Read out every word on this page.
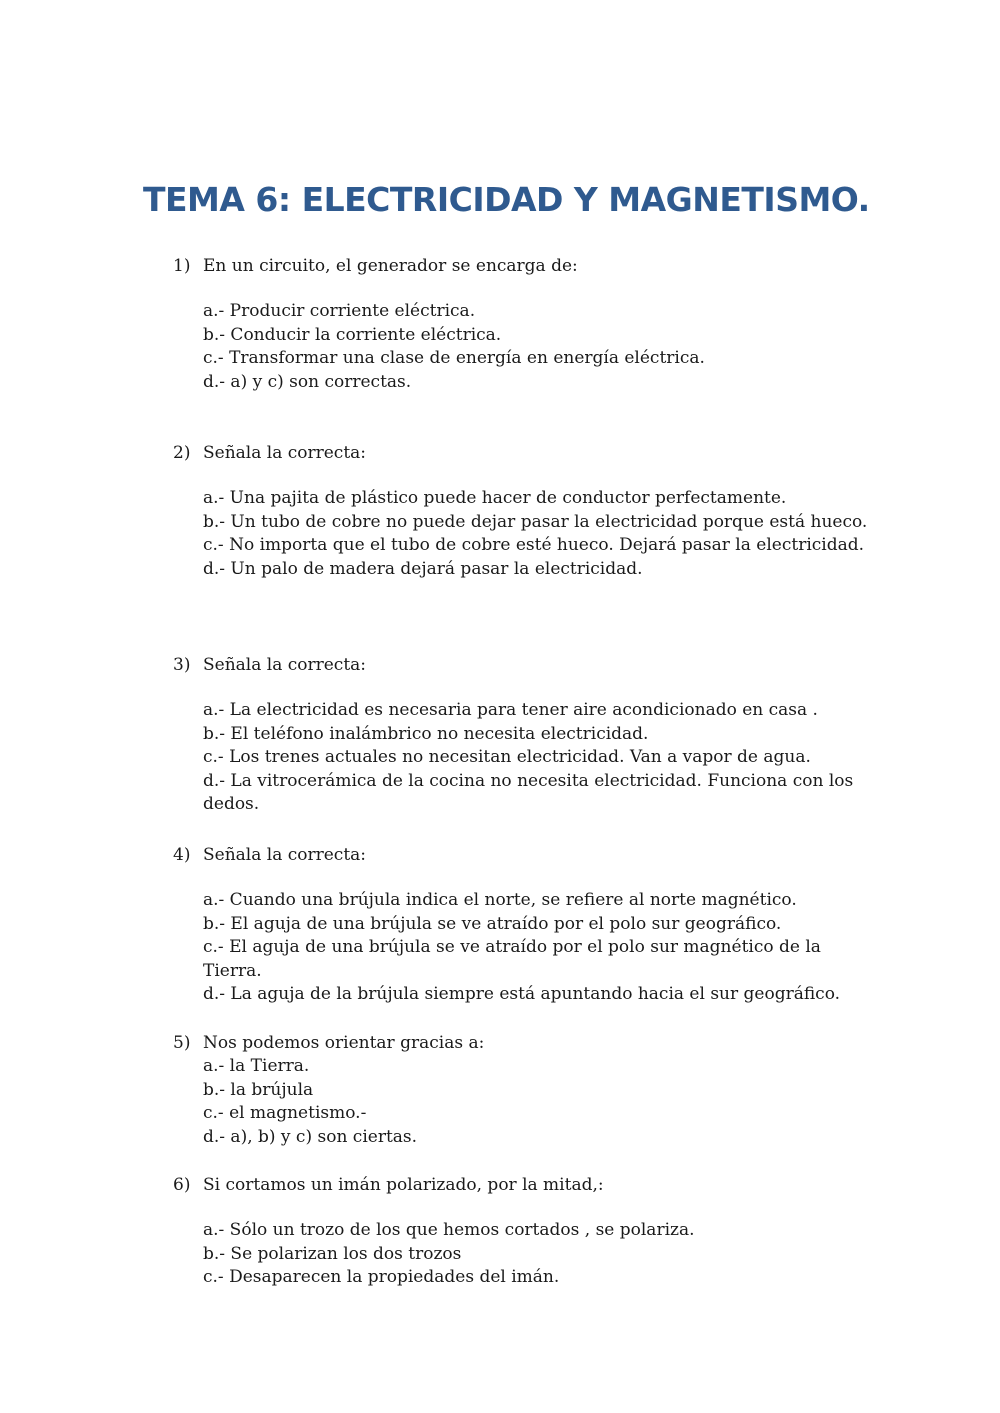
TEMA 6: ELECTRICIDAD Y MAGNETISMO.
1) En un circuito, el generador se encarga de:
a.- Producir corriente eléctrica.
b.- Conducir la corriente eléctrica.
c.- Transformar una clase de energía en energía eléctrica.
d.- a) y c) son correctas.
2) Señala la correcta:
a.- Una pajita de plástico puede hacer de conductor perfectamente.
b.- Un tubo de cobre no puede dejar pasar la electricidad porque está hueco.
c.- No importa que el tubo de cobre esté hueco. Dejará pasar la electricidad.
d.- Un palo de madera dejará pasar la electricidad.
3) Señala la correcta:
a.- La electricidad es necesaria para tener aire acondicionado en casa .
b.- El teléfono inalámbrico no necesita electricidad.
c.- Los trenes actuales no necesitan electricidad. Van a vapor de agua.
d.- La vitrocerámica de la cocina no necesita electricidad. Funciona con los dedos.
4) Señala la correcta:
a.- Cuando una brújula indica el norte, se refiere al norte magnético.
b.- El aguja de una brújula se ve atraído por el polo sur geográfico.
c.- El aguja de una brújula se ve atraído por el polo sur magnético de la Tierra.
d.- La aguja de la brújula siempre está apuntando hacia el sur geográfico.
5) Nos podemos orientar gracias a:
a.- la Tierra.
b.- la brújula
c.- el magnetismo.-
d.- a), b) y c) son ciertas.
6) Si cortamos un imán polarizado, por la mitad,:
a.- Sólo un trozo de los que hemos cortados , se polariza.
b.- Se polarizan los dos trozos
c.- Desaparecen la propiedades del imán.
